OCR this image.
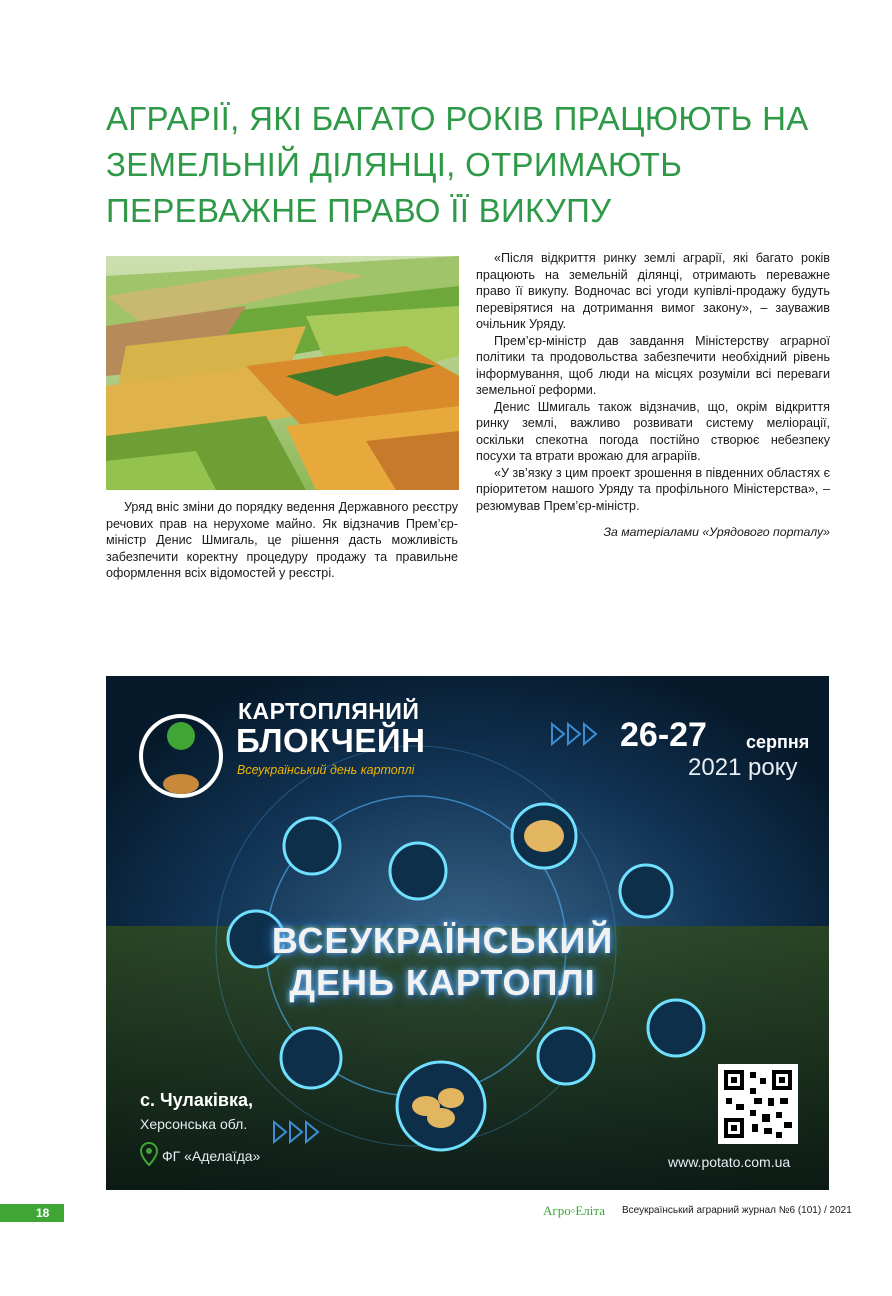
АГРАРІЇ, ЯКІ БАГАТО РОКІВ ПРАЦЮЮТЬ НА ЗЕМЕЛЬНІЙ ДІЛЯНЦІ, ОТРИМАЮТЬ ПЕРЕВАЖНЕ ПРАВО ЇЇ ВИКУПУ

Уряд вніс зміни до порядку ведення Державного реєстру речових прав на нерухоме майно. Як відзначив Прем’єр-міністр Денис Шмигаль, це рішення дасть можливість забезпечити коректну процедуру продажу та правильне оформлення всіх відомостей у реєстрі.

«Після відкриття ринку землі аграрії, які багато років працюють на земельній ділянці, отримають переважне право її викупу. Водночас всі угоди купівлі-продажу будуть перевірятися на дотримання вимог закону», – зауважив очільник Уряду.

Прем’єр-міністр дав завдання Міністерству аграрної політики та продовольства забезпечити необхідний рівень інформування, щоб люди на місцях розуміли всі переваги земельної реформи.

Денис Шмигаль також відзначив, що, окрім відкриття ринку землі, важливо розвивати систему меліорації, оскільки спекотна погода постійно створює небезпеку посухи та втрати врожаю для аграріїв.

«У зв’язку з цим проект зрошення в південних областях є пріоритетом нашого Уряду та профільного Міністерства», – резюмував Прем’єр-міністр.

За матеріалами «Урядового порталу»

КАРТОПЛЯНИЙ
БЛОКЧЕЙН
Всеукраїнський день картоплі
26-27 серпня
2021 року
ВСЕУКРАЇНСЬКИЙ
ДЕНЬ КАРТОПЛІ
с. Чулаківка,
Херсонська обл.
ФГ «Аделаїда»	www.potato.com.ua
18	Агро◦Еліта Всеукраїнський аграрний журнал №6 (101) / 2021
